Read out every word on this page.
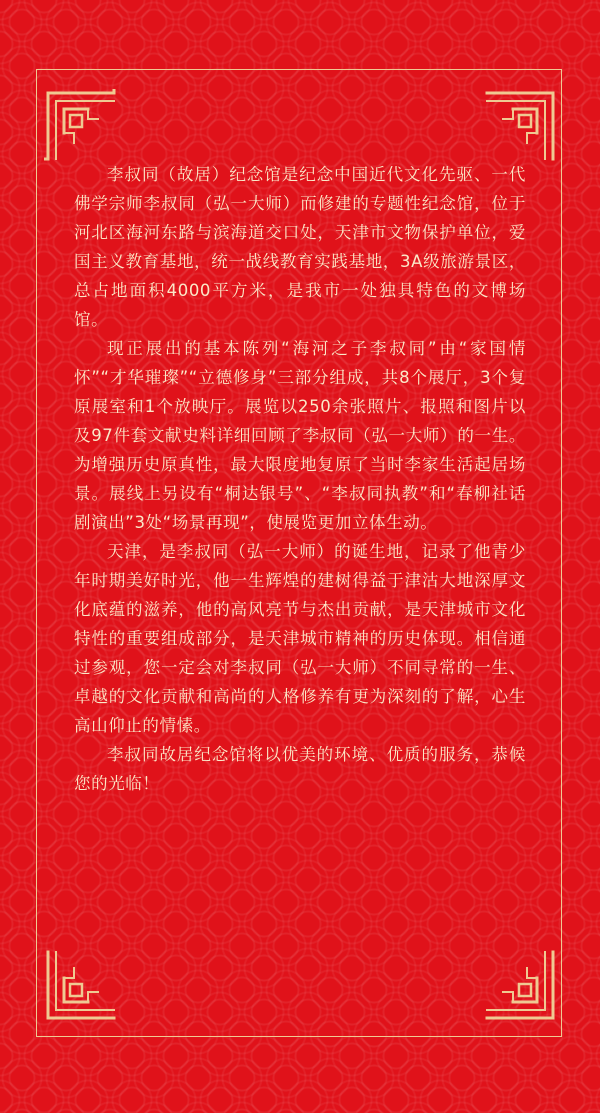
李叔同（故居）纪念馆是纪念中国近代文化先驱、一代佛学宗师李叔同（弘一大师）而修建的专题性纪念馆，位于河北区海河东路与滨海道交口处，天津市文物保护单位，爱国主义教育基地，统一战线教育实践基地，3A级旅游景区，总占地面积4000平方米，是我市一处独具特色的文博场馆。

现正展出的基本陈列“海河之子李叔同”由“家国情怀”“才华璀璨”“立德修身”三部分组成，共8个展厅，3个复原展室和1个放映厅。展览以250余张照片、报照和图片以及97件套文献史料详细回顾了李叔同（弘一大师）的一生。为增强历史原真性，最大限度地复原了当时李家生活起居场景。展线上另设有“桐达银号”、“李叔同执教”和“春柳社话剧演出”3处“场景再现”，使展览更加立体生动。

天津，是李叔同（弘一大师）的诞生地，记录了他青少年时期美好时光，他一生辉煌的建树得益于津沽大地深厚文化底蕴的滋养，他的高风亮节与杰出贡献，是天津城市文化特性的重要组成部分，是天津城市精神的历史体现。相信通过参观，您一定会对李叔同（弘一大师）不同寻常的一生、卓越的文化贡献和高尚的人格修养有更为深刻的了解，心生高山仰止的情愫。

李叔同故居纪念馆将以优美的环境、优质的服务，恭候您的光临！
